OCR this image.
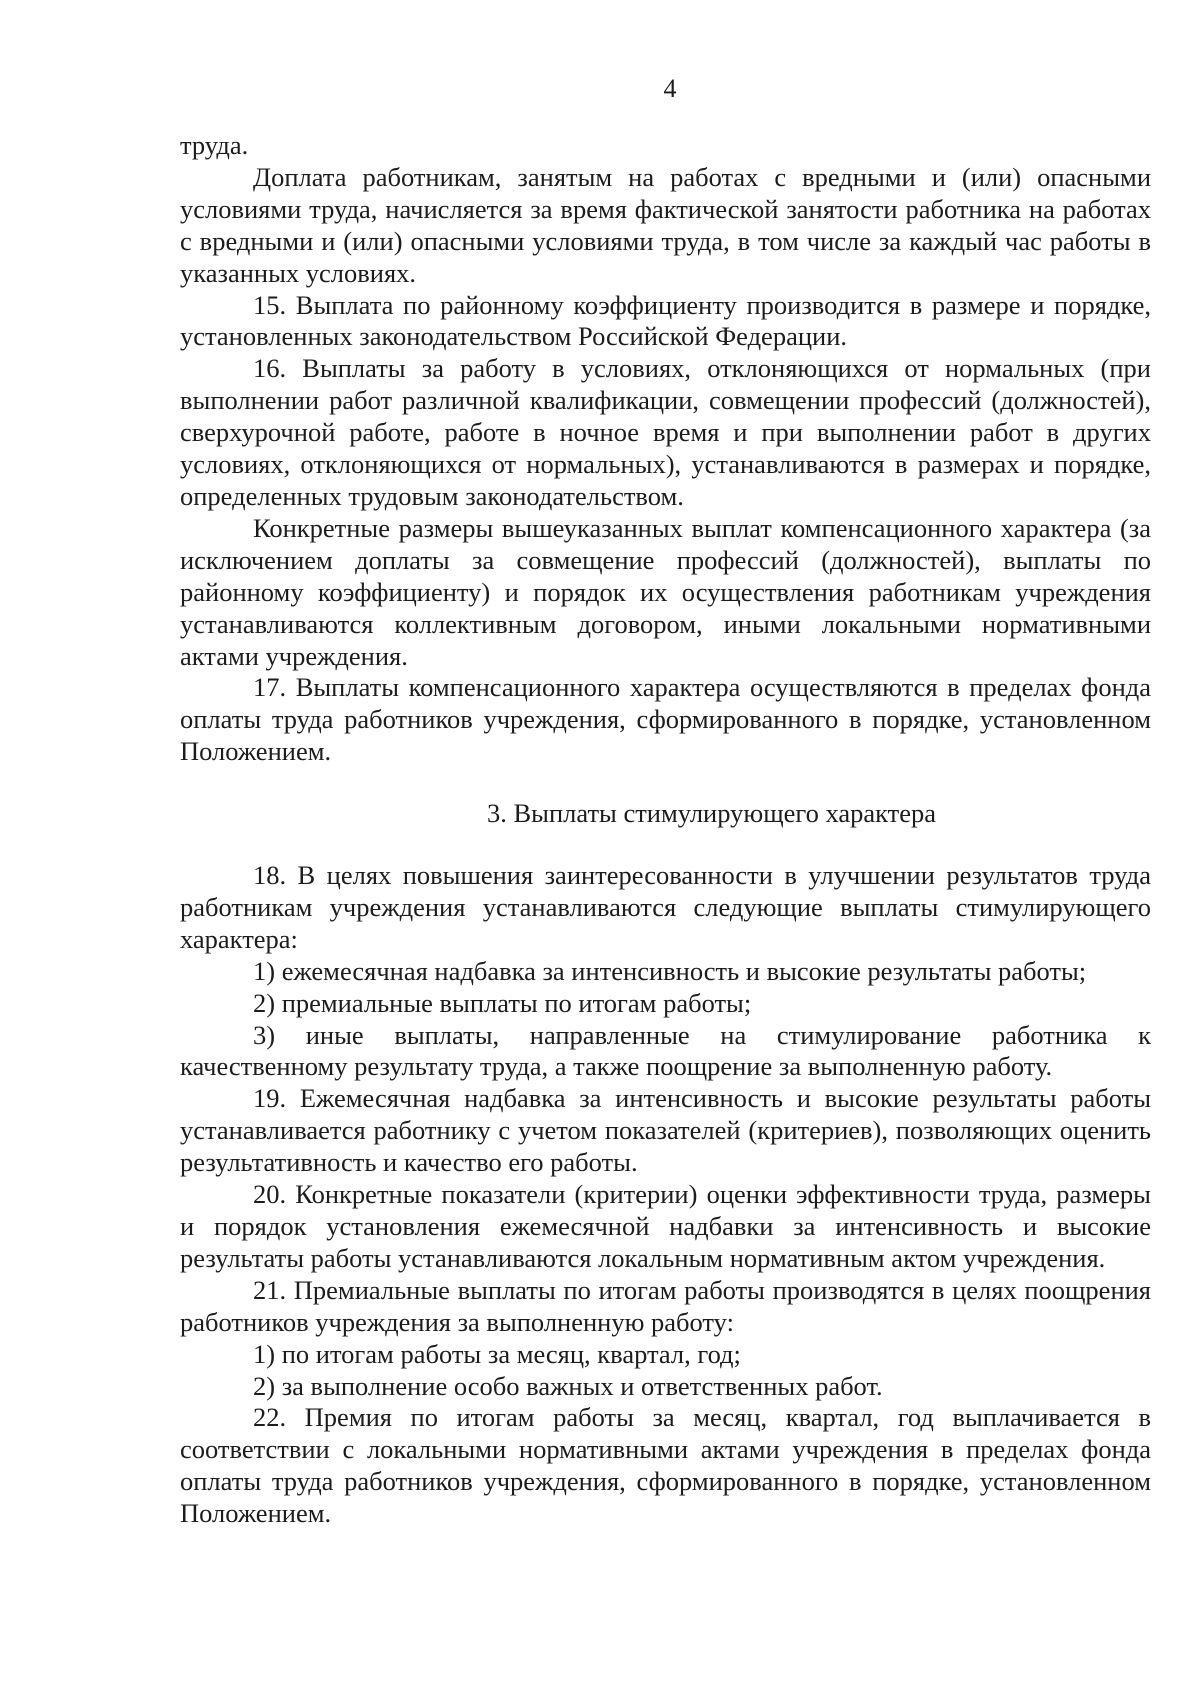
4

труда.

Доплата работникам, занятым на работах с вредными и (или) опасными условиями труда, начисляется за время фактической занятости работника на работах с вредными и (или) опасными условиями труда, в том числе за каждый час работы в указанных условиях.

15. Выплата по районному коэффициенту производится в размере и порядке, установленных законодательством Российской Федерации.

16. Выплаты за работу в условиях, отклоняющихся от нормальных (при выполнении работ различной квалификации, совмещении профессий (должностей), сверхурочной работе, работе в ночное время и при выполнении работ в других условиях, отклоняющихся от нормальных), устанавливаются в размерах и порядке, определенных трудовым законодательством.

Конкретные размеры вышеуказанных выплат компенсационного характера (за исключением доплаты за совмещение профессий (должностей), выплаты по районному коэффициенту) и порядок их осуществления работникам учреждения устанавливаются коллективным договором, иными локальными нормативными актами учреждения.

17. Выплаты компенсационного характера осуществляются в пределах фонда оплаты труда работников учреждения, сформированного в порядке, установленном Положением.

3. Выплаты стимулирующего характера

18. В целях повышения заинтересованности в улучшении результатов труда работникам учреждения устанавливаются следующие выплаты стимулирующего характера:

1) ежемесячная надбавка за интенсивность и высокие результаты работы;

2) премиальные выплаты по итогам работы;

3) иные выплаты, направленные на стимулирование работника к качественному результату труда, а также поощрение за выполненную работу.

19. Ежемесячная надбавка за интенсивность и высокие результаты работы устанавливается работнику с учетом показателей (критериев), позволяющих оценить результативность и качество его работы.

20. Конкретные показатели (критерии) оценки эффективности труда, размеры и порядок установления ежемесячной надбавки за интенсивность и высокие результаты работы устанавливаются локальным нормативным актом учреждения.

21. Премиальные выплаты по итогам работы производятся в целях поощрения работников учреждения за выполненную работу:

1) по итогам работы за месяц, квартал, год;

2) за выполнение особо важных и ответственных работ.

22. Премия по итогам работы за месяц, квартал, год выплачивается в соответствии с локальными нормативными актами учреждения в пределах фонда оплаты труда работников учреждения, сформированного в порядке, установленном Положением.
